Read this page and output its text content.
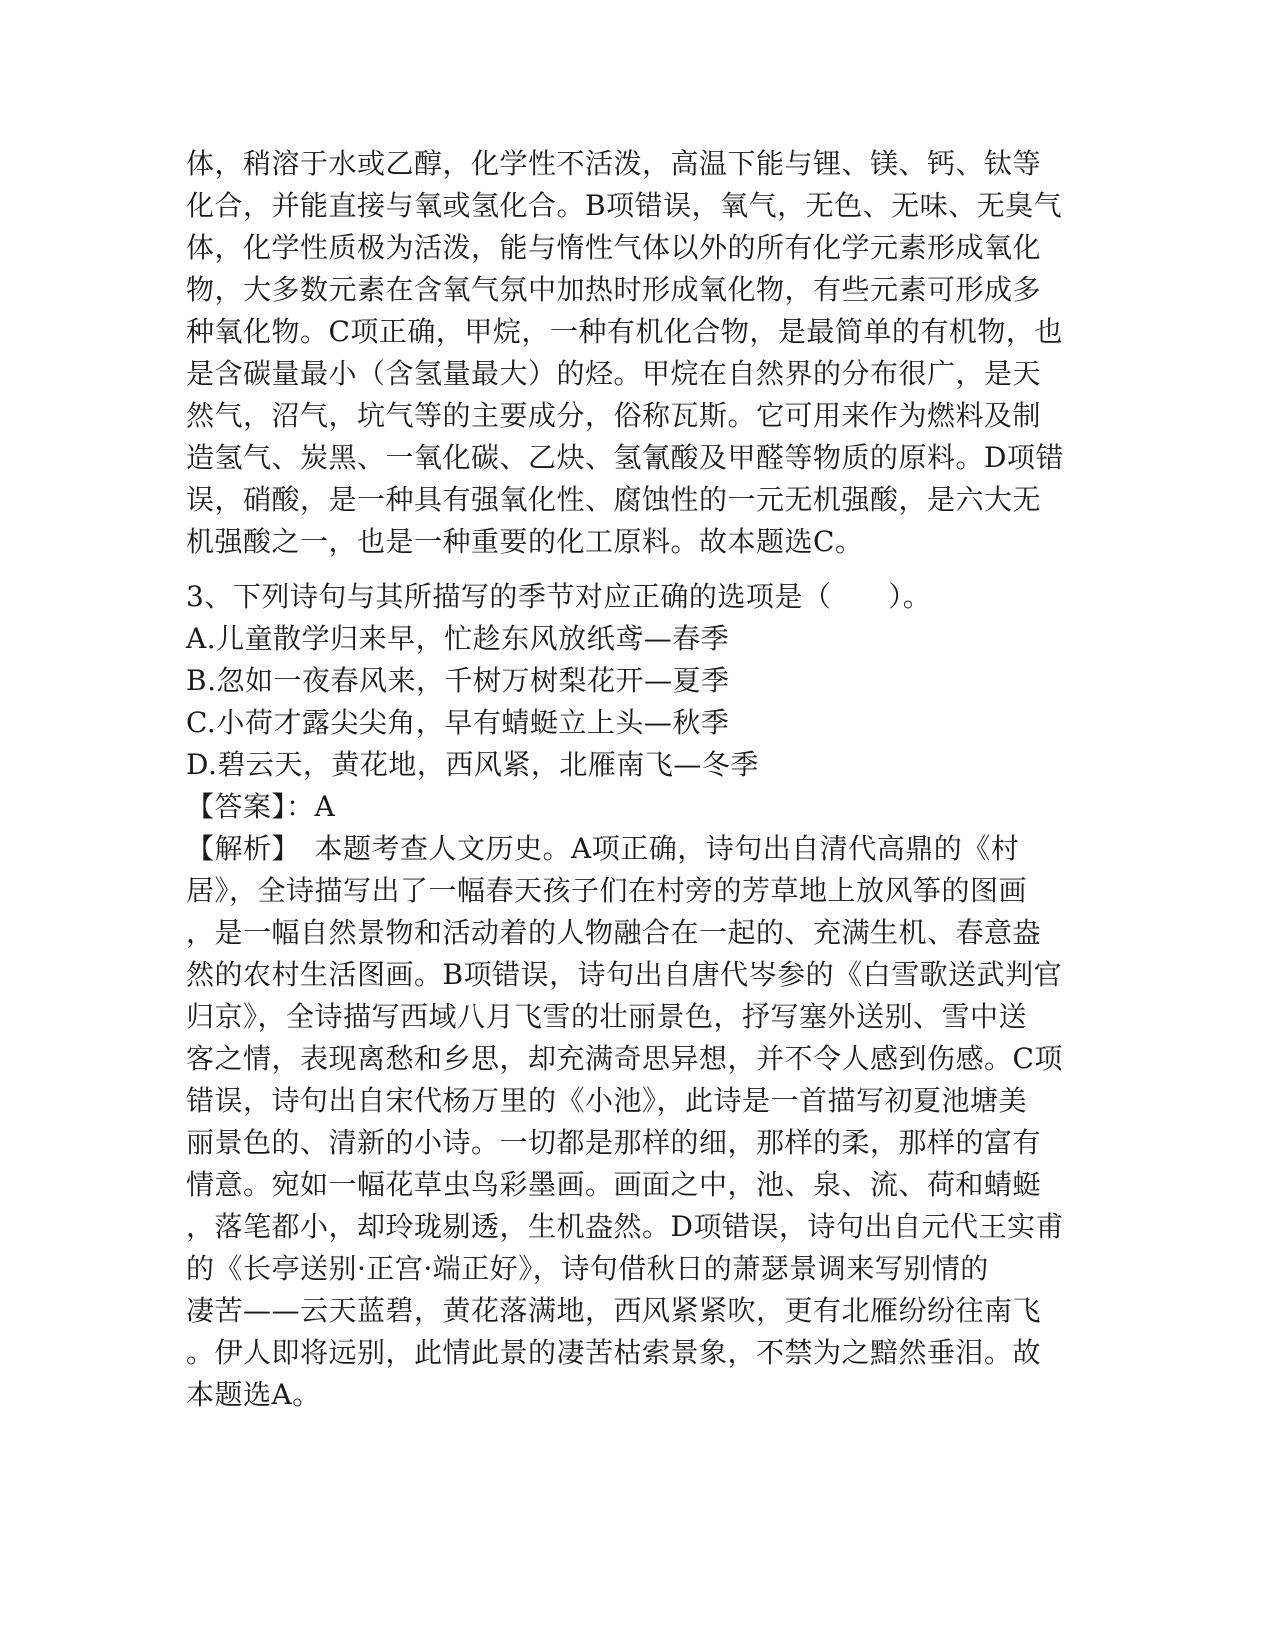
体，稍溶于水或乙醇，化学性不活泼，高温下能与锂、镁、钙、钛等
化合，并能直接与氧或氢化合。B项错误，氧气，无色、无味、无臭气
体，化学性质极为活泼，能与惰性气体以外的所有化学元素形成氧化
物，大多数元素在含氧气氛中加热时形成氧化物，有些元素可形成多
种氧化物。C项正确，甲烷，一种有机化合物，是最简单的有机物，也
是含碳量最小（含氢量最大）的烃。甲烷在自然界的分布很广，是天
然气，沼气，坑气等的主要成分，俗称瓦斯。它可用来作为燃料及制
造氢气、炭黑、一氧化碳、乙炔、氢氰酸及甲醛等物质的原料。D项错
误，硝酸，是一种具有强氧化性、腐蚀性的一元无机强酸，是六大无
机强酸之一，也是一种重要的化工原料。故本题选C。
3、下列诗句与其所描写的季节对应正确的选项是（　　）。
A.儿童散学归来早，忙趁东风放纸鸢—春季
B.忽如一夜春风来，千树万树梨花开—夏季
C.小荷才露尖尖角，早有蜻蜓立上头—秋季
D.碧云天，黄花地，西风紧，北雁南飞—冬季
【答案】：A
【解析】　本题考查人文历史。A项正确，诗句出自清代高鼎的《村
居》，全诗描写出了一幅春天孩子们在村旁的芳草地上放风筝的图画
，是一幅自然景物和活动着的人物融合在一起的、充满生机、春意盎
然的农村生活图画。B项错误，诗句出自唐代岑参的《白雪歌送武判官
归京》，全诗描写西域八月飞雪的壮丽景色，抒写塞外送别、雪中送
客之情，表现离愁和乡思，却充满奇思异想，并不令人感到伤感。C项
错误，诗句出自宋代杨万里的《小池》，此诗是一首描写初夏池塘美
丽景色的、清新的小诗。一切都是那样的细，那样的柔，那样的富有
情意。宛如一幅花草虫鸟彩墨画。画面之中，池、泉、流、荷和蜻蜓
，落笔都小，却玲珑剔透，生机盎然。D项错误，诗句出自元代王实甫
的《长亭送别·正宫·端正好》，诗句借秋日的萧瑟景调来写别情的
凄苦——云天蓝碧，黄花落满地，西风紧紧吹，更有北雁纷纷往南飞
。伊人即将远别，此情此景的凄苦枯索景象，不禁为之黯然垂泪。故
本题选A。
